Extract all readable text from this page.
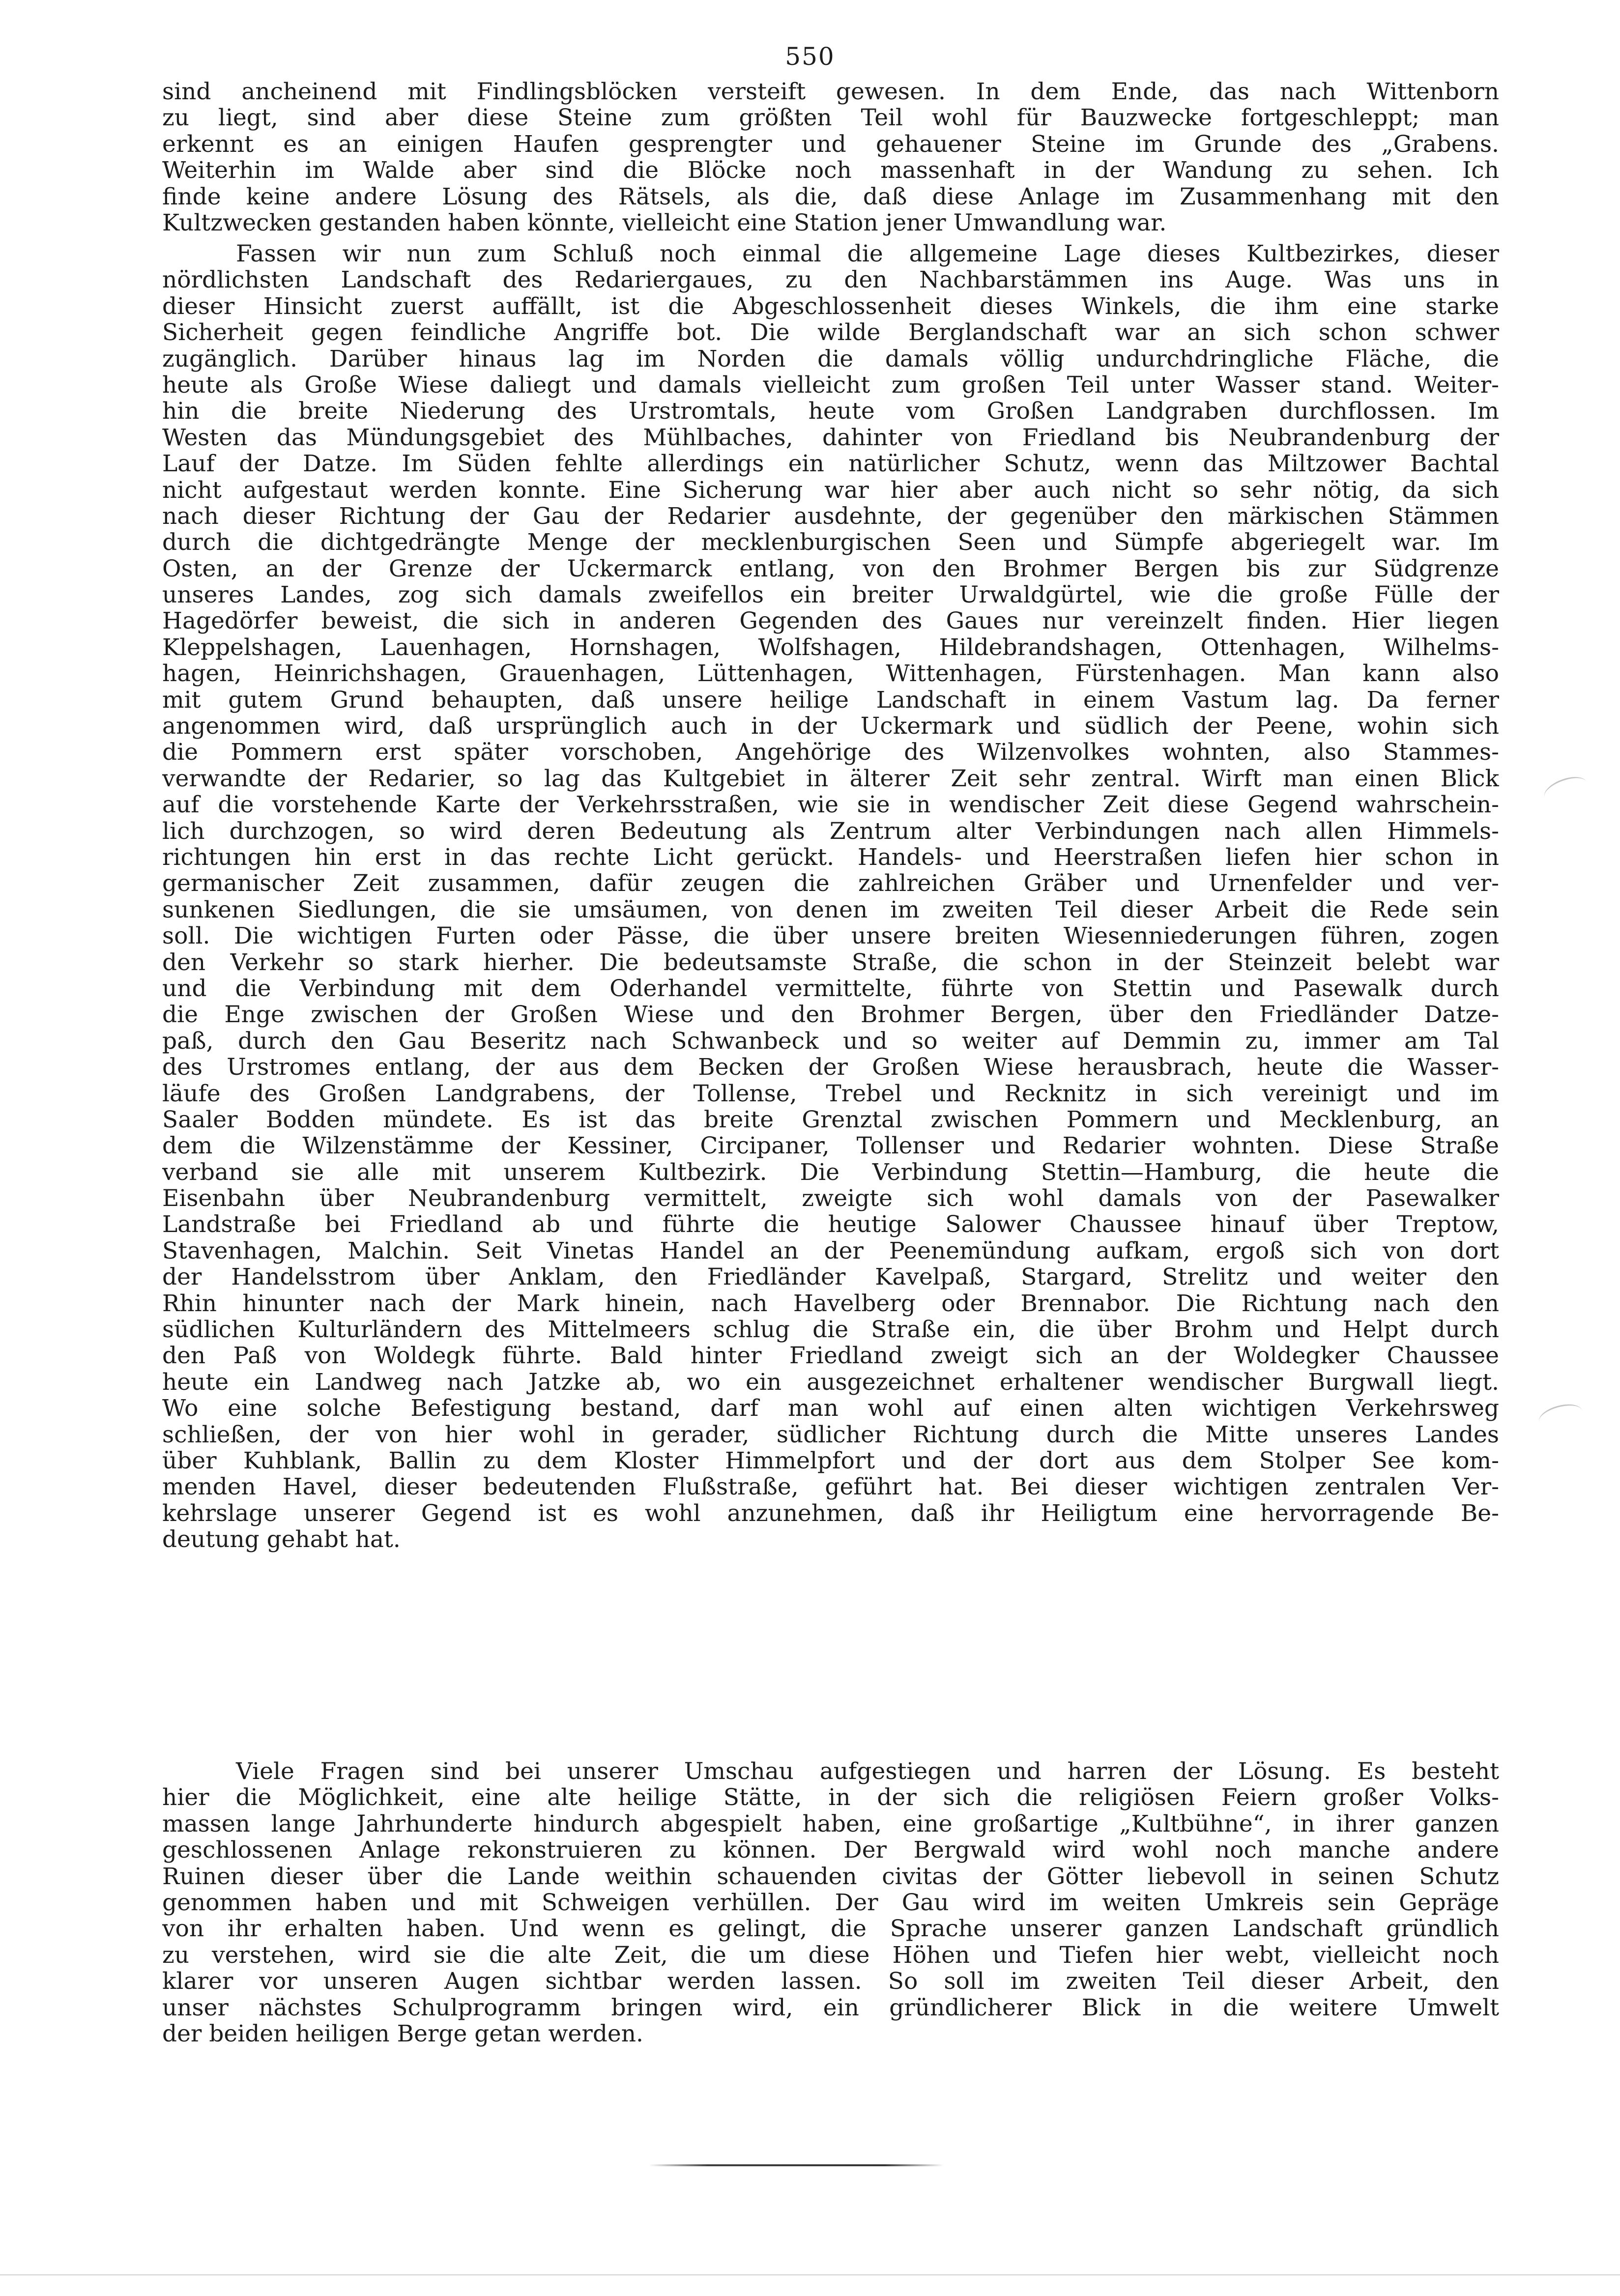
550
sind ancheinend mit Findlingsblöcken versteift gewesen. In dem Ende, das nach Wittenborn
zu liegt, sind aber diese Steine zum größten Teil wohl für Bauzwecke fortgeschleppt; man
erkennt es an einigen Haufen gesprengter und gehauener Steine im Grunde des „Grabens.
Weiterhin im Walde aber sind die Blöcke noch massenhaft in der Wandung zu sehen. Ich
finde keine andere Lösung des Rätsels, als die, daß diese Anlage im Zusammenhang mit den
Kultzwecken gestanden haben könnte, vielleicht eine Station jener Umwandlung war.
Fassen wir nun zum Schluß noch einmal die allgemeine Lage dieses Kultbezirkes, dieser
nördlichsten Landschaft des Redariergaues, zu den Nachbarstämmen ins Auge. Was uns in
dieser Hinsicht zuerst auffällt, ist die Abgeschlossenheit dieses Winkels, die ihm eine starke
Sicherheit gegen feindliche Angriffe bot. Die wilde Berglandschaft war an sich schon schwer
zugänglich. Darüber hinaus lag im Norden die damals völlig undurchdringliche Fläche, die
heute als Große Wiese daliegt und damals vielleicht zum großen Teil unter Wasser stand. Weiter-
hin die breite Niederung des Urstromtals, heute vom Großen Landgraben durchflossen. Im
Westen das Mündungsgebiet des Mühlbaches, dahinter von Friedland bis Neubrandenburg der
Lauf der Datze. Im Süden fehlte allerdings ein natürlicher Schutz, wenn das Miltzower Bachtal
nicht aufgestaut werden konnte. Eine Sicherung war hier aber auch nicht so sehr nötig, da sich
nach dieser Richtung der Gau der Redarier ausdehnte, der gegenüber den märkischen Stämmen
durch die dichtgedrängte Menge der mecklenburgischen Seen und Sümpfe abgeriegelt war. Im
Osten, an der Grenze der Uckermarck entlang, von den Brohmer Bergen bis zur Südgrenze
unseres Landes, zog sich damals zweifellos ein breiter Urwaldgürtel, wie die große Fülle der
Hagedörfer beweist, die sich in anderen Gegenden des Gaues nur vereinzelt finden. Hier liegen
Kleppelshagen, Lauenhagen, Hornshagen, Wolfshagen, Hildebrandshagen, Ottenhagen, Wilhelms-
hagen, Heinrichshagen, Grauenhagen, Lüttenhagen, Wittenhagen, Fürstenhagen. Man kann also
mit gutem Grund behaupten, daß unsere heilige Landschaft in einem Vastum lag. Da ferner
angenommen wird, daß ursprünglich auch in der Uckermark und südlich der Peene, wohin sich
die Pommern erst später vorschoben, Angehörige des Wilzenvolkes wohnten, also Stammes-
verwandte der Redarier, so lag das Kultgebiet in älterer Zeit sehr zentral. Wirft man einen Blick
auf die vorstehende Karte der Verkehrsstraßen, wie sie in wendischer Zeit diese Gegend wahrschein-
lich durchzogen, so wird deren Bedeutung als Zentrum alter Verbindungen nach allen Himmels-
richtungen hin erst in das rechte Licht gerückt. Handels- und Heerstraßen liefen hier schon in
germanischer Zeit zusammen, dafür zeugen die zahlreichen Gräber und Urnenfelder und ver-
sunkenen Siedlungen, die sie umsäumen, von denen im zweiten Teil dieser Arbeit die Rede sein
soll. Die wichtigen Furten oder Pässe, die über unsere breiten Wiesenniederungen führen, zogen
den Verkehr so stark hierher. Die bedeutsamste Straße, die schon in der Steinzeit belebt war
und die Verbindung mit dem Oderhandel vermittelte, führte von Stettin und Pasewalk durch
die Enge zwischen der Großen Wiese und den Brohmer Bergen, über den Friedländer Datze-
paß, durch den Gau Beseritz nach Schwanbeck und so weiter auf Demmin zu, immer am Tal
des Urstromes entlang, der aus dem Becken der Großen Wiese herausbrach, heute die Wasser-
läufe des Großen Landgrabens, der Tollense, Trebel und Recknitz in sich vereinigt und im
Saaler Bodden mündete. Es ist das breite Grenztal zwischen Pommern und Mecklenburg, an
dem die Wilzenstämme der Kessiner, Circipaner, Tollenser und Redarier wohnten. Diese Straße
verband sie alle mit unserem Kultbezirk. Die Verbindung Stettin—Hamburg, die heute die
Eisenbahn über Neubrandenburg vermittelt, zweigte sich wohl damals von der Pasewalker
Landstraße bei Friedland ab und führte die heutige Salower Chaussee hinauf über Treptow,
Stavenhagen, Malchin. Seit Vinetas Handel an der Peenemündung aufkam, ergoß sich von dort
der Handelsstrom über Anklam, den Friedländer Kavelpaß, Stargard, Strelitz und weiter den
Rhin hinunter nach der Mark hinein, nach Havelberg oder Brennabor. Die Richtung nach den
südlichen Kulturländern des Mittelmeers schlug die Straße ein, die über Brohm und Helpt durch
den Paß von Woldegk führte. Bald hinter Friedland zweigt sich an der Woldegker Chaussee
heute ein Landweg nach Jatzke ab, wo ein ausgezeichnet erhaltener wendischer Burgwall liegt.
Wo eine solche Befestigung bestand, darf man wohl auf einen alten wichtigen Verkehrsweg
schließen, der von hier wohl in gerader, südlicher Richtung durch die Mitte unseres Landes
über Kuhblank, Ballin zu dem Kloster Himmelpfort und der dort aus dem Stolper See kom-
menden Havel, dieser bedeutenden Flußstraße, geführt hat. Bei dieser wichtigen zentralen Ver-
kehrslage unserer Gegend ist es wohl anzunehmen, daß ihr Heiligtum eine hervorragende Be-
deutung gehabt hat.
Viele Fragen sind bei unserer Umschau aufgestiegen und harren der Lösung. Es besteht
hier die Möglichkeit, eine alte heilige Stätte, in der sich die religiösen Feiern großer Volks-
massen lange Jahrhunderte hindurch abgespielt haben, eine großartige „Kultbühne“, in ihrer ganzen
geschlossenen Anlage rekonstruieren zu können. Der Bergwald wird wohl noch manche andere
Ruinen dieser über die Lande weithin schauenden civitas der Götter liebevoll in seinen Schutz
genommen haben und mit Schweigen verhüllen. Der Gau wird im weiten Umkreis sein Gepräge
von ihr erhalten haben. Und wenn es gelingt, die Sprache unserer ganzen Landschaft gründlich
zu verstehen, wird sie die alte Zeit, die um diese Höhen und Tiefen hier webt, vielleicht noch
klarer vor unseren Augen sichtbar werden lassen. So soll im zweiten Teil dieser Arbeit, den
unser nächstes Schulprogramm bringen wird, ein gründlicherer Blick in die weitere Umwelt
der beiden heiligen Berge getan werden.
